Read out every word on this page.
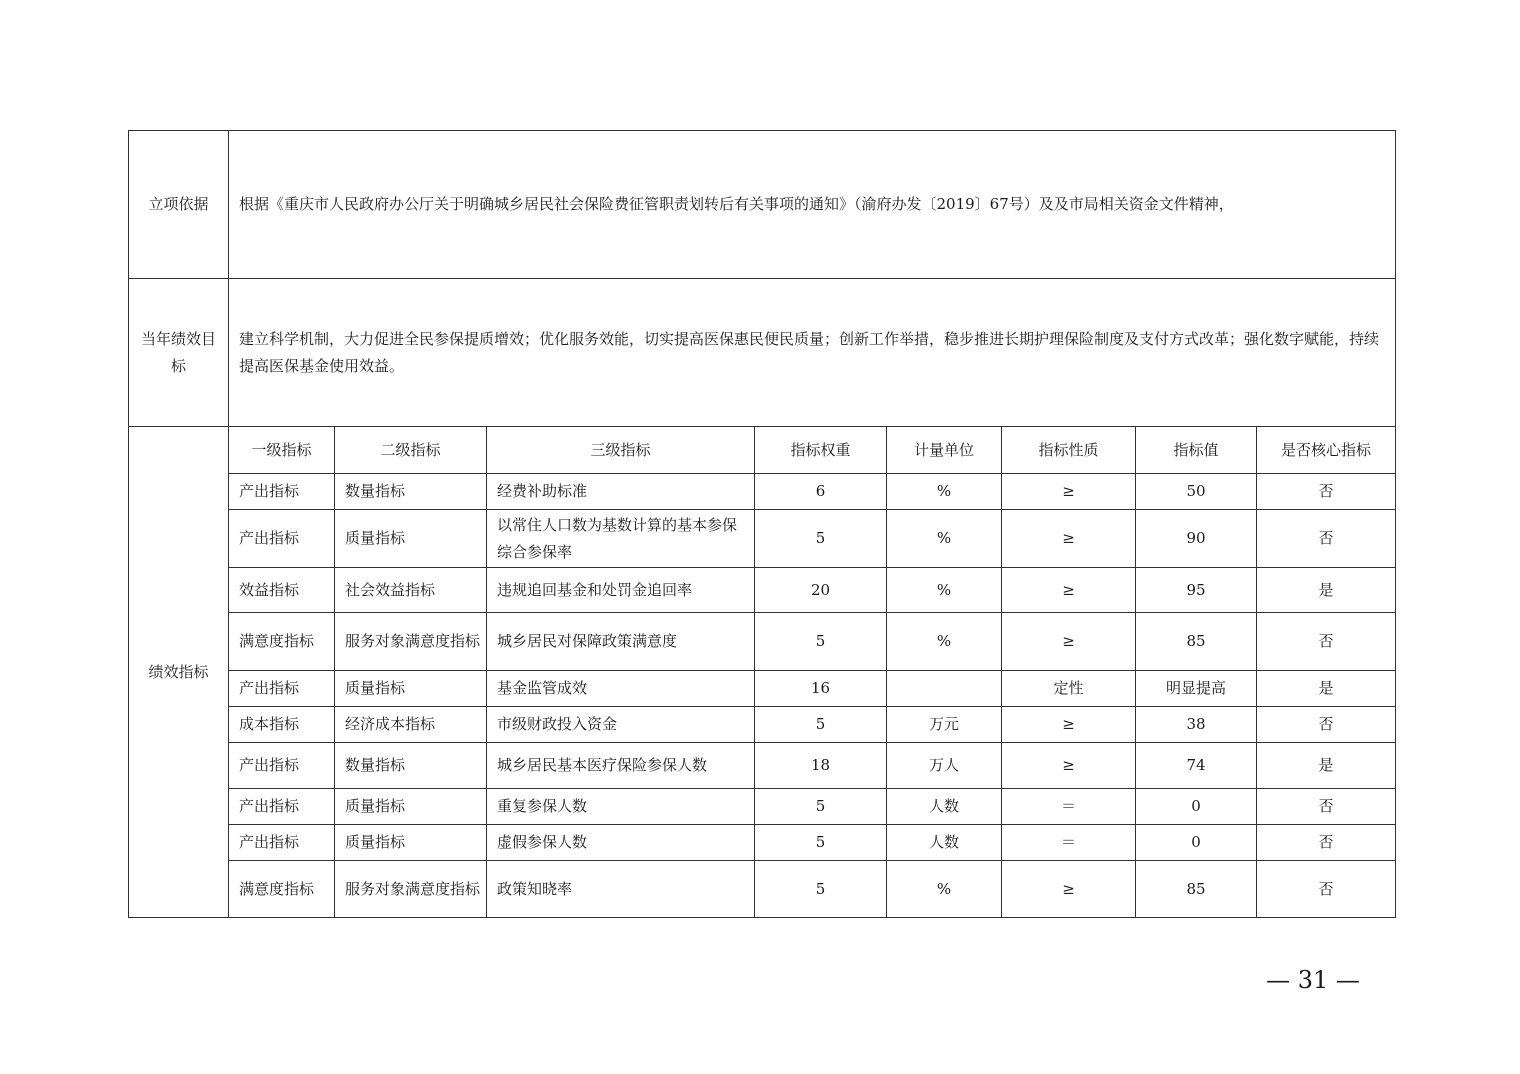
立项依据	根据《重庆市人民政府办公厅关于明确城乡居民社会保险费征管职责划转后有关事项的通知》（渝府办发〔2019〕67号）及及市局相关资金文件精神，							
当年绩效目标	建立科学机制，大力促进全民参保提质增效；优化服务效能，切实提高医保惠民便民质量；创新工作举措，稳步推进长期护理保险制度及支付方式改革；强化数字赋能，持续提高医保基金使用效益。							
绩效指标	一级指标	二级指标	三级指标	指标权重	计量单位	指标性质	指标值	是否核心指标
	产出指标	数量指标	经费补助标准	6	%	≥	50	否
	产出指标	质量指标	以常住人口数为基数计算的基本参保综合参保率	5	%	≥	90	否
	效益指标	社会效益指标	违规追回基金和处罚金追回率	20	%	≥	95	是
	满意度指标	服务对象满意度指标	城乡居民对保障政策满意度	5	%	≥	85	否
	产出指标	质量指标	基金监管成效	16		定性	明显提高	是
	成本指标	经济成本指标	市级财政投入资金	5	万元	≥	38	否
	产出指标	数量指标	城乡居民基本医疗保险参保人数	18	万人	≥	74	是
	产出指标	质量指标	重复参保人数	5	人数	＝	0	否
	产出指标	质量指标	虚假参保人数	5	人数	＝	0	否
	满意度指标	服务对象满意度指标	政策知晓率	5	%	≥	85	否
— 31 —
